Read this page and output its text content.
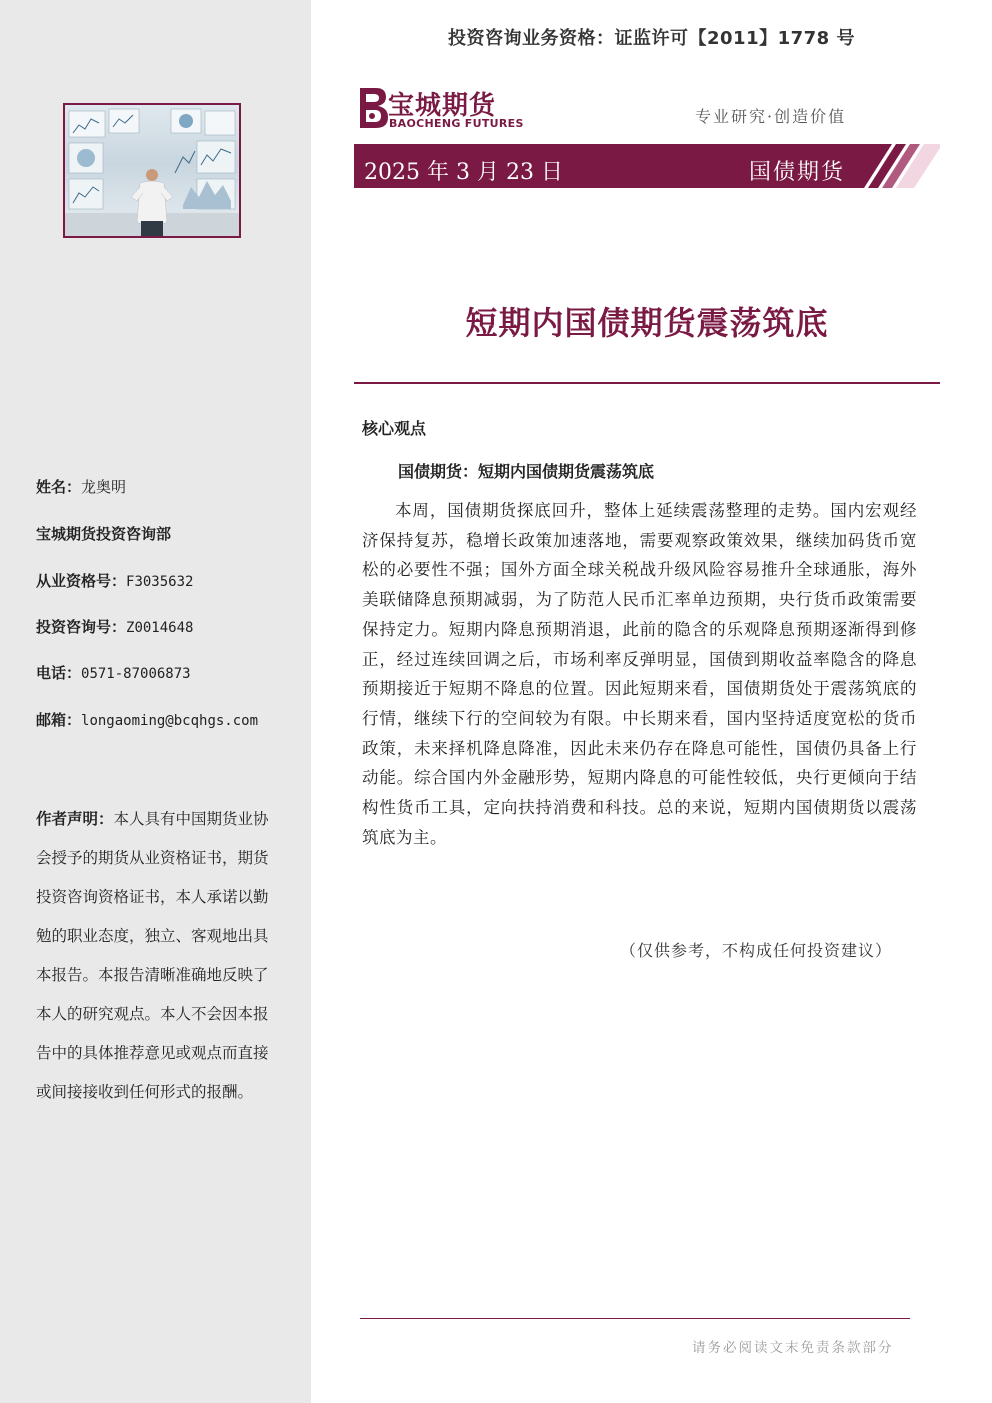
姓名：龙奥明
宝城期货投资咨询部
从业资格号：F3035632
投资咨询号：Z0014648
电话：0571-87006873
邮箱：longaoming@bcqhgs.com
作者声明：本人具有中国期货业协会授予的期货从业资格证书，期货投资咨询资格证书，本人承诺以勤勉的职业态度，独立、客观地出具本报告。本报告清晰准确地反映了本人的研究观点。本人不会因本报告中的具体推荐意见或观点而直接或间接接收到任何形式的报酬。
投资咨询业务资格：证监许可【2011】1778 号
宝城期货
BAOCHENG FUTURES	专业研究·创造价值
2025 年 3 月 23 日	国债期货
短期内国债期货震荡筑底
核心观点
国债期货：短期内国债期货震荡筑底
本周，国债期货探底回升，整体上延续震荡整理的走势。国内宏观经济保持复苏，稳增长政策加速落地，需要观察政策效果，继续加码货币宽松的必要性不强；国外方面全球关税战升级风险容易推升全球通胀，海外美联储降息预期减弱，为了防范人民币汇率单边预期，央行货币政策需要保持定力。短期内降息预期消退，此前的隐含的乐观降息预期逐渐得到修正，经过连续回调之后，市场利率反弹明显，国债到期收益率隐含的降息预期接近于短期不降息的位置。因此短期来看，国债期货处于震荡筑底的行情，继续下行的空间较为有限。中长期来看，国内坚持适度宽松的货币政策，未来择机降息降准，因此未来仍存在降息可能性，国债仍具备上行动能。综合国内外金融形势，短期内降息的可能性较低，央行更倾向于结构性货币工具，定向扶持消费和科技。总的来说，短期内国债期货以震荡筑底为主。
（仅供参考，不构成任何投资建议）
请务必阅读文末免责条款部分
